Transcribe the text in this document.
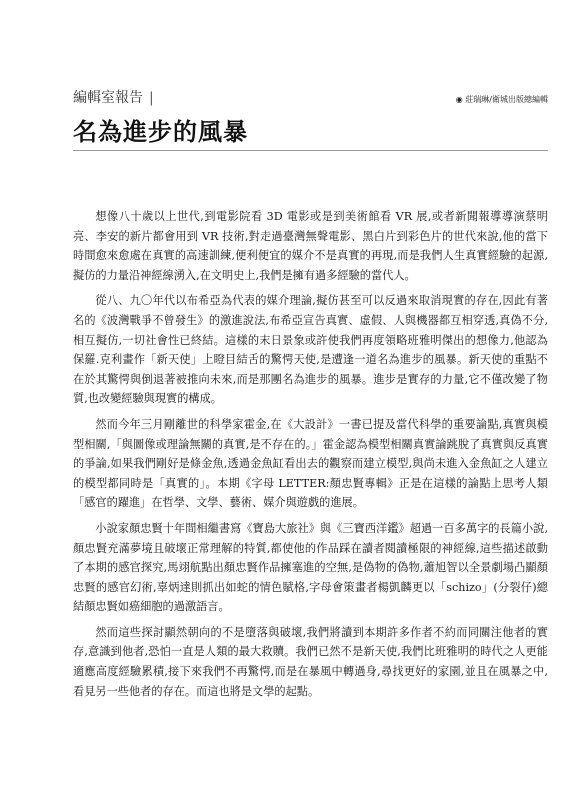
編輯室報告 |	◉ 莊瑞琳/衛城出版總編輯
名為進步的風暴

想像八十歲以上世代,到電影院看 3D 電影或是到美術館看 VR 展,或者新聞報導導演蔡明亮、李安的新片都會用到 VR 技術,對走過臺灣無聲電影、黑白片到彩色片的世代來說,他的當下時間愈來愈處在真實的高速訓練,便利便宜的媒介不是真實的再現,而是我們人生真實經驗的起源,擬仿的力量沿神經線湧入,在文明史上,我們是擁有過多經驗的當代人。

從八、九〇年代以布希亞為代表的媒介理論,擬仿甚至可以反過來取消現實的存在,因此有著名的《波灣戰爭不曾發生》的激進說法,布希亞宣告真實、虛假、人與機器都互相穿透,真偽不分,相互擬仿,一切社會性已終結。這樣的末日景象或許使我們再度領略班雅明傑出的想像力,他認為保羅.克利畫作「新天使」上瞪目結舌的驚愕天使,是遭逢一道名為進步的風暴。新天使的重點不在於其驚愕與倒退著被推向未來,而是那團名為進步的風暴。進步是實存的力量,它不僅改變了物質,也改變經驗與現實的構成。

然而今年三月剛離世的科學家霍金,在《大設計》一書已提及當代科學的重要論點,真實與模型相關,「與圖像或理論無關的真實,是不存在的。」霍金認為模型相關真實論跳脫了真實與反真實的爭論,如果我們剛好是條金魚,透過金魚缸看出去的觀察而建立模型,與尚未進入金魚缸之人建立的模型都同時是「真實的」。本期《字母 LETTER:顏忠賢專輯》正是在這樣的論點上思考人類「感官的躍進」在哲學、文學、藝術、媒介與遊戲的進展。

小說家顏忠賢十年間相繼書寫《寶島大旅社》與《三寶西洋鑑》超過一百多萬字的長篇小說,顏忠賢充滿夢境且破壞正常理解的特質,都使他的作品踩在讀者閱讀極限的神經線,這些描述啟動了本期的感官探究,馬翊航點出顏忠賢作品擁塞進的空無,是偽物的偽物,蕭旭智以全景劇場凸顯顏忠賢的感官幻術,辜炳達則抓出如蛇的情色賦格,字母會策畫者楊凱麟更以「schizo」(分裂仔)總結顏忠賢如癌細胞的過激語言。

然而這些探討顯然朝向的不是墮落與破壞,我們將讀到本期許多作者不約而同關注他者的實存,意識到他者,恐怕一直是人類的最大救贖。我們已然不是新天使,我們比班雅明的時代之人更能適應高度經驗累積,接下來我們不再驚愕,而是在暴風中轉過身,尋找更好的家園,並且在風暴之中,看見另一些他者的存在。而這也將是文學的起點。
